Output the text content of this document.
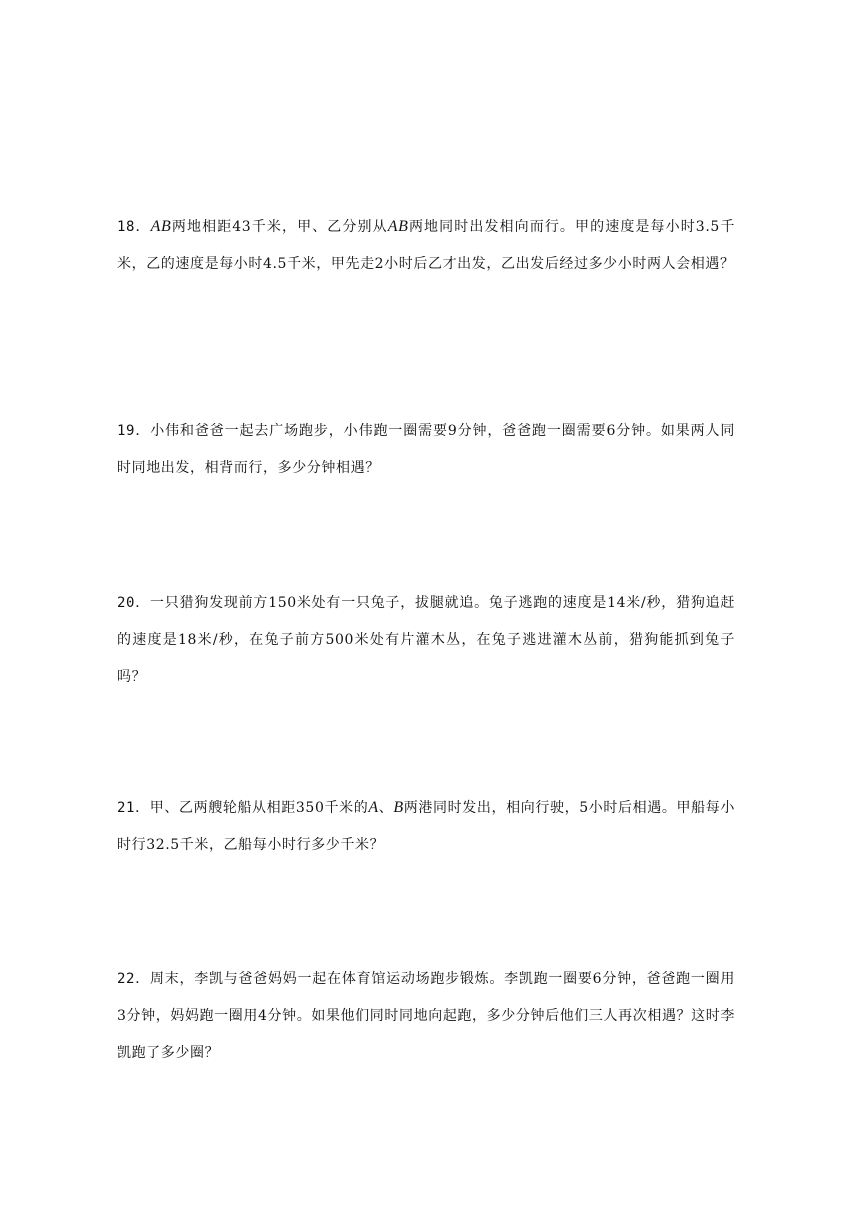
18．AB两地相距43千米，甲、乙分别从AB两地同时出发相向而行。甲的速度是每小时3.5千米，乙的速度是每小时4.5千米，甲先走2小时后乙才出发，乙出发后经过多少小时两人会相遇？
19．小伟和爸爸一起去广场跑步，小伟跑一圈需要9分钟，爸爸跑一圈需要6分钟。如果两人同时同地出发，相背而行，多少分钟相遇？
20．一只猎狗发现前方150米处有一只兔子，拔腿就追。兔子逃跑的速度是14米/秒，猎狗追赶的速度是18米/秒，在兔子前方500米处有片灌木丛，在兔子逃进灌木丛前，猎狗能抓到兔子吗？
21．甲、乙两艘轮船从相距350千米的A、B两港同时发出，相向行驶，5小时后相遇。甲船每小时行32.5千米，乙船每小时行多少千米？
22．周末，李凯与爸爸妈妈一起在体育馆运动场跑步锻炼。李凯跑一圈要6分钟，爸爸跑一圈用3分钟，妈妈跑一圈用4分钟。如果他们同时同地向起跑，多少分钟后他们三人再次相遇？这时李凯跑了多少圈？
